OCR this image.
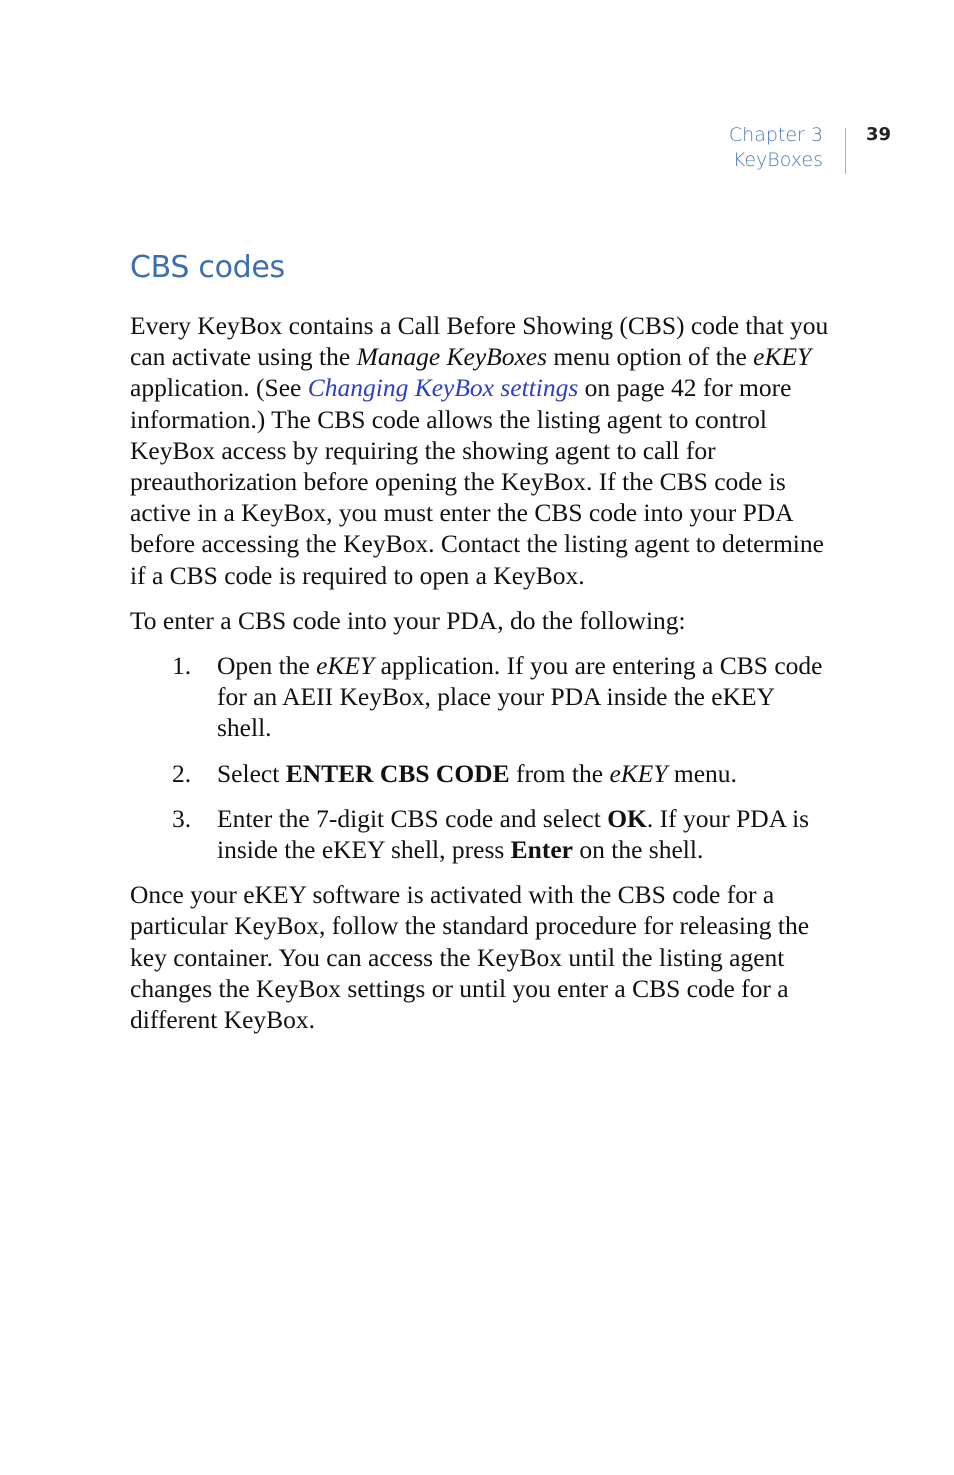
Chapter 3
KeyBoxes
39
CBS codes

Every KeyBox contains a Call Before Showing (CBS) code that you can activate using the Manage KeyBoxes menu option of the eKEY application. (See Changing KeyBox settings on page 42 for more information.) The CBS code allows the listing agent to control KeyBox access by requiring the showing agent to call for preauthorization before opening the KeyBox. If the CBS code is active in a KeyBox, you must enter the CBS code into your PDA before accessing the KeyBox. Contact the listing agent to determine if a CBS code is required to open a KeyBox.

To enter a CBS code into your PDA, do the following:

1. Open the eKEY application. If you are entering a CBS code for an AEII KeyBox, place your PDA inside the eKEY shell.
2. Select ENTER CBS CODE from the eKEY menu.
3. Enter the 7-digit CBS code and select OK. If your PDA is inside the eKEY shell, press Enter on the shell.

Once your eKEY software is activated with the CBS code for a particular KeyBox, follow the standard procedure for releasing the key container. You can access the KeyBox until the listing agent changes the KeyBox settings or until you enter a CBS code for a different KeyBox.
